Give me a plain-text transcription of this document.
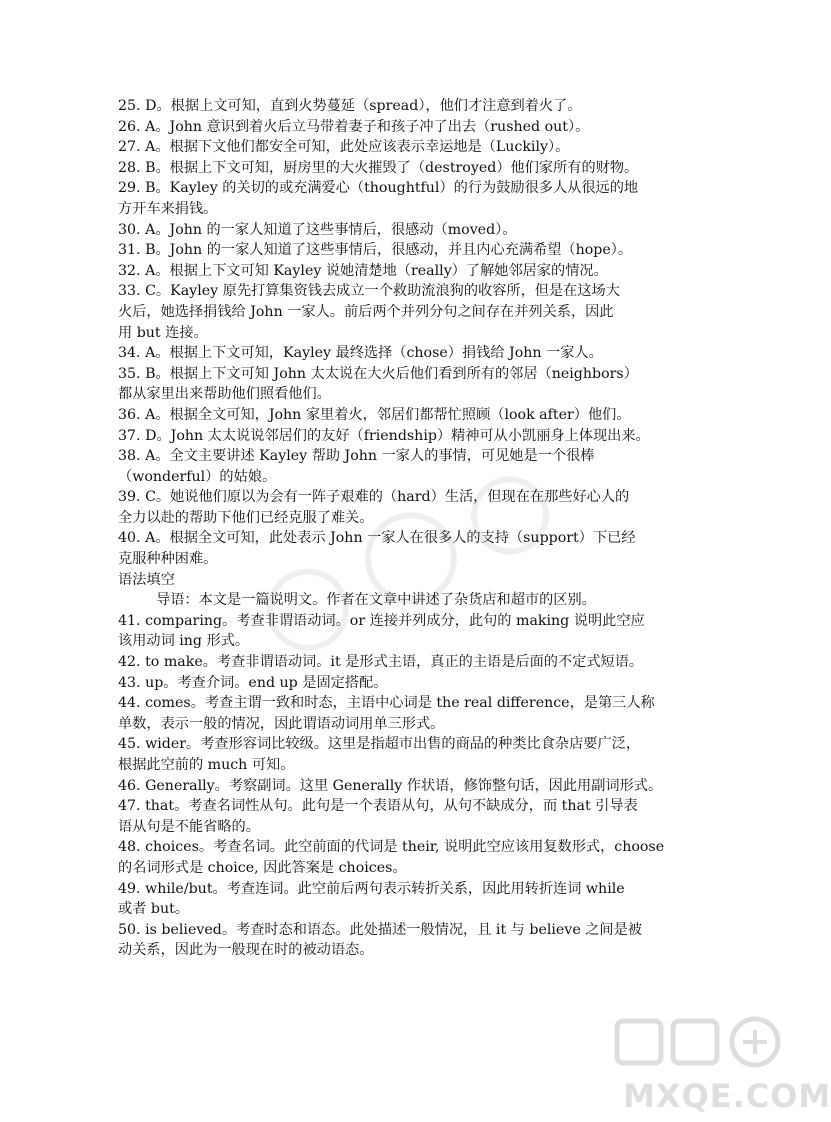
25. D。根据上文可知，直到火势蔓延（spread），他们才注意到着火了。
26. A。John 意识到着火后立马带着妻子和孩子冲了出去（rushed out）。
27. A。根据下文他们都安全可知，此处应该表示幸运地是（Luckily）。
28. B。根据上下文可知，厨房里的大火摧毁了（destroyed）他们家所有的财物。
29. B。Kayley 的关切的或充满爱心（thoughtful）的行为鼓励很多人从很远的地
方开车来捐钱。
30. A。John 的一家人知道了这些事情后，很感动（moved）。
31. B。John 的一家人知道了这些事情后，很感动，并且内心充满希望（hope）。
32. A。根据上下文可知 Kayley 说她清楚地（really）了解她邻居家的情况。
33. C。Kayley 原先打算集资钱去成立一个救助流浪狗的收容所，但是在这场大
火后，她选择捐钱给 John 一家人。前后两个并列分句之间存在并列关系，因此
用 but 连接。
34. A。根据上下文可知，Kayley 最终选择（chose）捐钱给 John 一家人。
35. B。根据上下文可知 John 太太说在大火后他们看到所有的邻居（neighbors）
都从家里出来帮助他们照看他们。
36. A。根据全文可知，John 家里着火，邻居们都帮忙照顾（look after）他们。
37. D。John 太太说说邻居们的友好（friendship）精神可从小凯丽身上体现出来。
38. A。全文主要讲述 Kayley 帮助 John 一家人的事情，可见她是一个很棒
（wonderful）的姑娘。
39. C。她说他们原以为会有一阵子艰难的（hard）生活，但现在在那些好心人的
全力以赴的帮助下他们已经克服了难关。
40. A。根据全文可知，此处表示 John 一家人在很多人的支持（support）下已经
克服种种困难。
语法填空
导语：本文是一篇说明文。作者在文章中讲述了杂货店和超市的区别。
41. comparing。考查非谓语动词。or 连接并列成分，此句的 making 说明此空应
该用动词 ing 形式。
42. to make。考查非谓语动词。it 是形式主语，真正的主语是后面的不定式短语。
43. up。考查介词。end up 是固定搭配。
44. comes。考查主谓一致和时态，主语中心词是 the real difference，是第三人称
单数，表示一般的情况，因此谓语动词用单三形式。
45. wider。考查形容词比较级。这里是指超市出售的商品的种类比食杂店要广泛，
根据此空前的 much 可知。
46. Generally。考察副词。这里 Generally 作状语，修饰整句话，因此用副词形式。
47. that。考查名词性从句。此句是一个表语从句，从句不缺成分，而 that 引导表
语从句是不能省略的。
48. choices。考查名词。此空前面的代词是 their, 说明此空应该用复数形式，choose
的名词形式是 choice, 因此答案是 choices。
49. while/but。考查连词。此空前后两句表示转折关系，因此用转折连词 while
或者 but。
50. is believed。考查时态和语态。此处描述一般情况，且 it 与 believe 之间是被
动关系，因此为一般现在时的被动语态。
MXQE.COM
